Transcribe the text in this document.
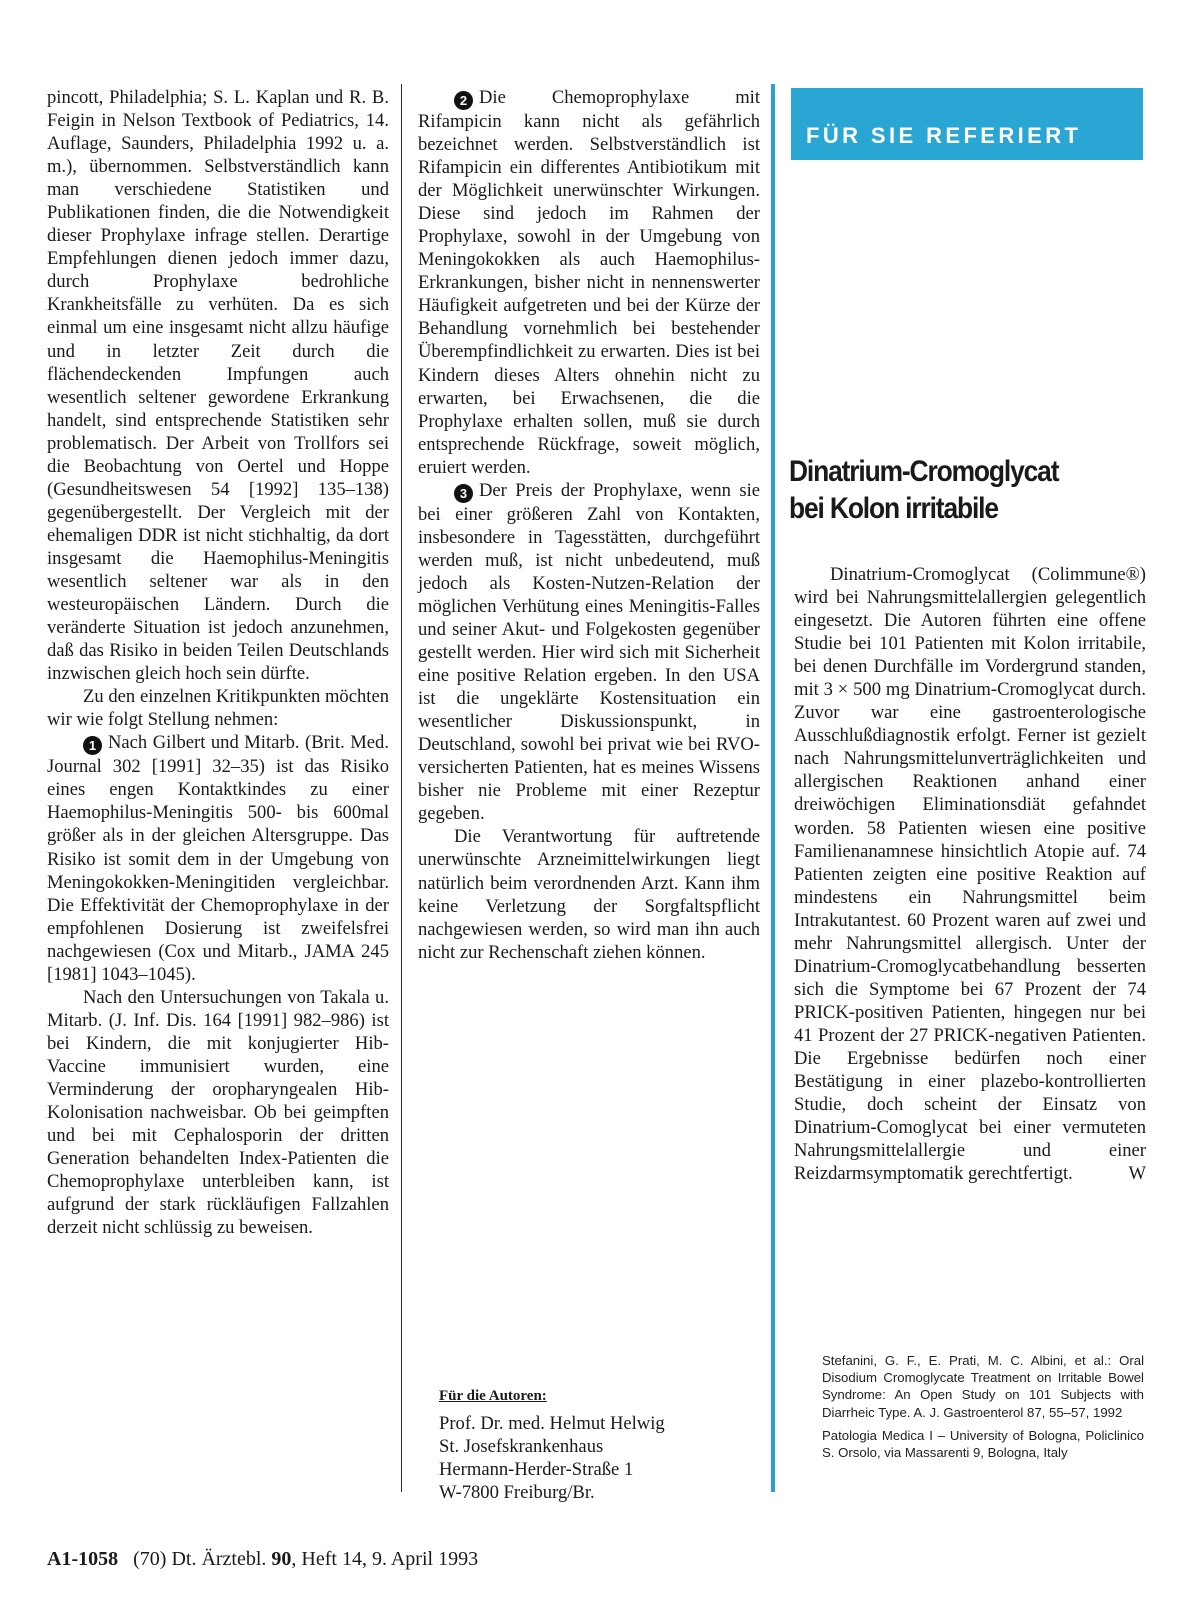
pincott, Philadelphia; S. L. Kaplan und R. B. Feigin in Nelson Textbook of Pediatrics, 14. Auflage, Saunders, Philadelphia 1992 u. a. m.), übernommen. Selbstverständlich kann man verschiedene Statistiken und Publikationen finden, die die Notwendigkeit dieser Prophylaxe infrage stellen. Derartige Empfehlungen dienen jedoch immer dazu, durch Prophylaxe bedrohliche Krankheitsfälle zu verhüten. Da es sich einmal um eine insgesamt nicht allzu häufige und in letzter Zeit durch die flächendeckenden Impfungen auch wesentlich seltener gewordene Erkrankung handelt, sind entsprechende Statistiken sehr problematisch. Der Arbeit von Trollfors sei die Beobachtung von Oertel und Hoppe (Gesundheitswesen 54 [1992] 135–138) gegenübergestellt. Der Vergleich mit der ehemaligen DDR ist nicht stichhaltig, da dort insgesamt die Haemophilus-Meningitis wesentlich seltener war als in den westeuropäischen Ländern. Durch die veränderte Situation ist jedoch anzunehmen, daß das Risiko in beiden Teilen Deutschlands inzwischen gleich hoch sein dürfte.

Zu den einzelnen Kritikpunkten möchten wir wie folgt Stellung nehmen:

1 Nach Gilbert und Mitarb. (Brit. Med. Journal 302 [1991] 32–35) ist das Risiko eines engen Kontaktkindes zu einer Haemophilus-Meningitis 500- bis 600mal größer als in der gleichen Altersgruppe. Das Risiko ist somit dem in der Umgebung von Meningokokken-Meningitiden vergleichbar. Die Effektivität der Chemoprophylaxe in der empfohlenen Dosierung ist zweifelsfrei nachgewiesen (Cox und Mitarb., JAMA 245 [1981] 1043–1045).

Nach den Untersuchungen von Takala u. Mitarb. (J. Inf. Dis. 164 [1991] 982–986) ist bei Kindern, die mit konjugierter Hib-Vaccine immunisiert wurden, eine Verminderung der oropharyngealen Hib-Kolonisation nachweisbar. Ob bei geimpften und bei mit Cephalosporin der dritten Generation behandelten Index-Patienten die Chemoprophylaxe unterbleiben kann, ist aufgrund der stark rückläufigen Fallzahlen derzeit nicht schlüssig zu beweisen.

2 Die Chemoprophylaxe mit Rifampicin kann nicht als gefährlich bezeichnet werden. Selbstverständlich ist Rifampicin ein differentes Antibiotikum mit der Möglichkeit unerwünschter Wirkungen. Diese sind jedoch im Rahmen der Prophylaxe, sowohl in der Umgebung von Meningokokken als auch Haemophilus-Erkrankungen, bisher nicht in nennenswerter Häufigkeit aufgetreten und bei der Kürze der Behandlung vornehmlich bei bestehender Überempfindlichkeit zu erwarten. Dies ist bei Kindern dieses Alters ohnehin nicht zu erwarten, bei Erwachsenen, die die Prophylaxe erhalten sollen, muß sie durch entsprechende Rückfrage, soweit möglich, eruiert werden.

3 Der Preis der Prophylaxe, wenn sie bei einer größeren Zahl von Kontakten, insbesondere in Tagesstätten, durchgeführt werden muß, ist nicht unbedeutend, muß jedoch als Kosten-Nutzen-Relation der möglichen Verhütung eines Meningitis-Falles und seiner Akut- und Folgekosten gegenüber gestellt werden. Hier wird sich mit Sicherheit eine positive Relation ergeben. In den USA ist die ungeklärte Kostensituation ein wesentlicher Diskussionspunkt, in Deutschland, sowohl bei privat wie bei RVO-versicherten Patienten, hat es meines Wissens bisher nie Probleme mit einer Rezeptur gegeben.

Die Verantwortung für auftretende unerwünschte Arzneimittelwirkungen liegt natürlich beim verordnenden Arzt. Kann ihm keine Verletzung der Sorgfaltspflicht nachgewiesen werden, so wird man ihn auch nicht zur Rechenschaft ziehen können.

Für die Autoren:
Prof. Dr. med. Helmut Helwig
St. Josefskrankenhaus
Hermann-Herder-Straße 1
W-7800 Freiburg/Br.
FÜR SIE REFERIERT
Dinatrium-Cromoglycat
bei Kolon irritabile

Dinatrium-Cromoglycat (Colimmune®) wird bei Nahrungsmittelallergien gelegentlich eingesetzt. Die Autoren führten eine offene Studie bei 101 Patienten mit Kolon irritabile, bei denen Durchfälle im Vordergrund standen, mit 3 × 500 mg Dinatrium-Cromoglycat durch. Zuvor war eine gastroenterologische Ausschlußdiagnostik erfolgt. Ferner ist gezielt nach Nahrungsmittelunverträglichkeiten und allergischen Reaktionen anhand einer dreiwöchigen Eliminationsdiät gefahndet worden. 58 Patienten wiesen eine positive Familienanamnese hinsichtlich Atopie auf. 74 Patienten zeigten eine positive Reaktion auf mindestens ein Nahrungsmittel beim Intrakutantest. 60 Prozent waren auf zwei und mehr Nahrungsmittel allergisch. Unter der Dinatrium-Cromoglycatbehandlung besserten sich die Symptome bei 67 Prozent der 74 PRICK-positiven Patienten, hingegen nur bei 41 Prozent der 27 PRICK-negativen Patienten. Die Ergebnisse bedürfen noch einer Bestätigung in einer plazebo-kontrollierten Studie, doch scheint der Einsatz von Dinatrium-Comoglycat bei einer vermuteten Nahrungsmittelallergie und einer Reizdarmsymptomatik gerechtfertigt.	W

Stefanini, G. F., E. Prati, M. C. Albini, et al.: Oral Disodium Cromoglycate Treatment on Irritable Bowel Syndrome: An Open Study on 101 Subjects with Diarrheic Type. A. J. Gastroenterol 87, 55–57, 1992

Patologia Medica I – University of Bologna, Policlinico S. Orsolo, via Massarenti 9, Bologna, Italy

A1-1058 (70) Dt. Ärztebl. 90, Heft 14, 9. April 1993
